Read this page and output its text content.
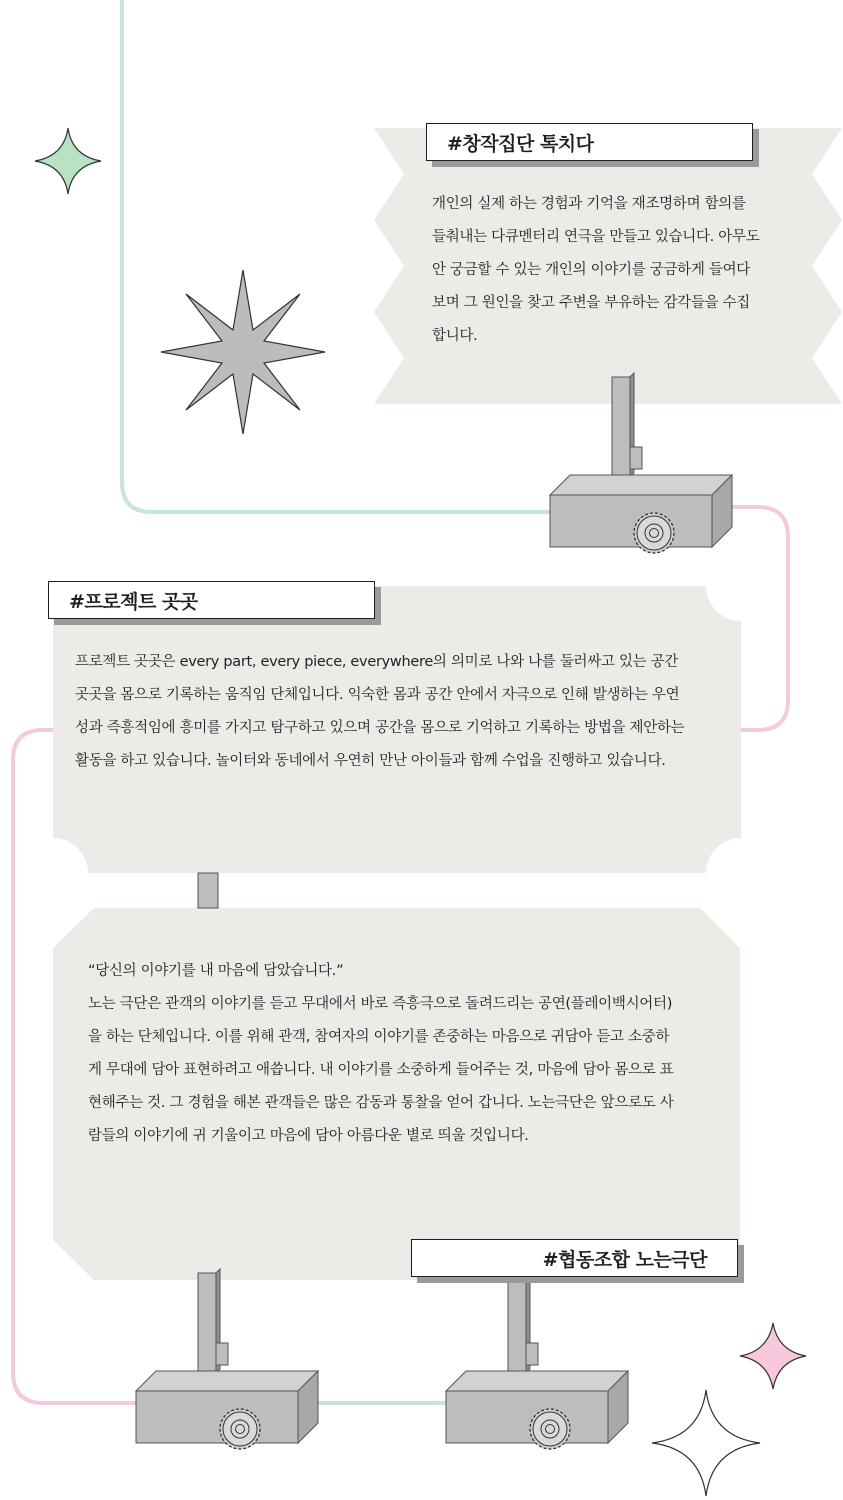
#창작집단 톡치다

개인의 실제 하는 경험과 기억을 재조명하며 함의를 들춰내는 다큐멘터리 연극을 만들고 있습니다. 아무도 안 궁금할 수 있는 개인의 이야기를 궁금하게 들여다보며 그 원인을 찾고 주변을 부유하는 감각들을 수집합니다.

#프로젝트 곳곳

프로젝트 곳곳은 every part, every piece, everywhere의 의미로 나와 나를 둘러싸고 있는 공간 곳곳을 몸으로 기록하는 움직임 단체입니다. 익숙한 몸과 공간 안에서 자극으로 인해 발생하는 우연성과 즉흥적임에 흥미를 가지고 탐구하고 있으며 공간을 몸으로 기억하고 기록하는 방법을 제안하는 활동을 하고 있습니다. 놀이터와 동네에서 우연히 만난 아이들과 함께 수업을 진행하고 있습니다.

“당신의 이야기를 내 마음에 담았습니다.”

노는 극단은 관객의 이야기를 듣고 무대에서 바로 즉흥극으로 돌려드리는 공연(플레이백시어터)을 하는 단체입니다. 이를 위해 관객, 참여자의 이야기를 존중하는 마음으로 귀담아 듣고 소중하게 무대에 담아 표현하려고 애씁니다. 내 이야기를 소중하게 들어주는 것, 마음에 담아 몸으로 표현해주는 것. 그 경험을 해본 관객들은 많은 감동과 통찰을 얻어 갑니다. 노는극단은 앞으로도 사람들의 이야기에 귀 기울이고 마음에 담아 아름다운 별로 띄울 것입니다.

#협동조합 노는극단
